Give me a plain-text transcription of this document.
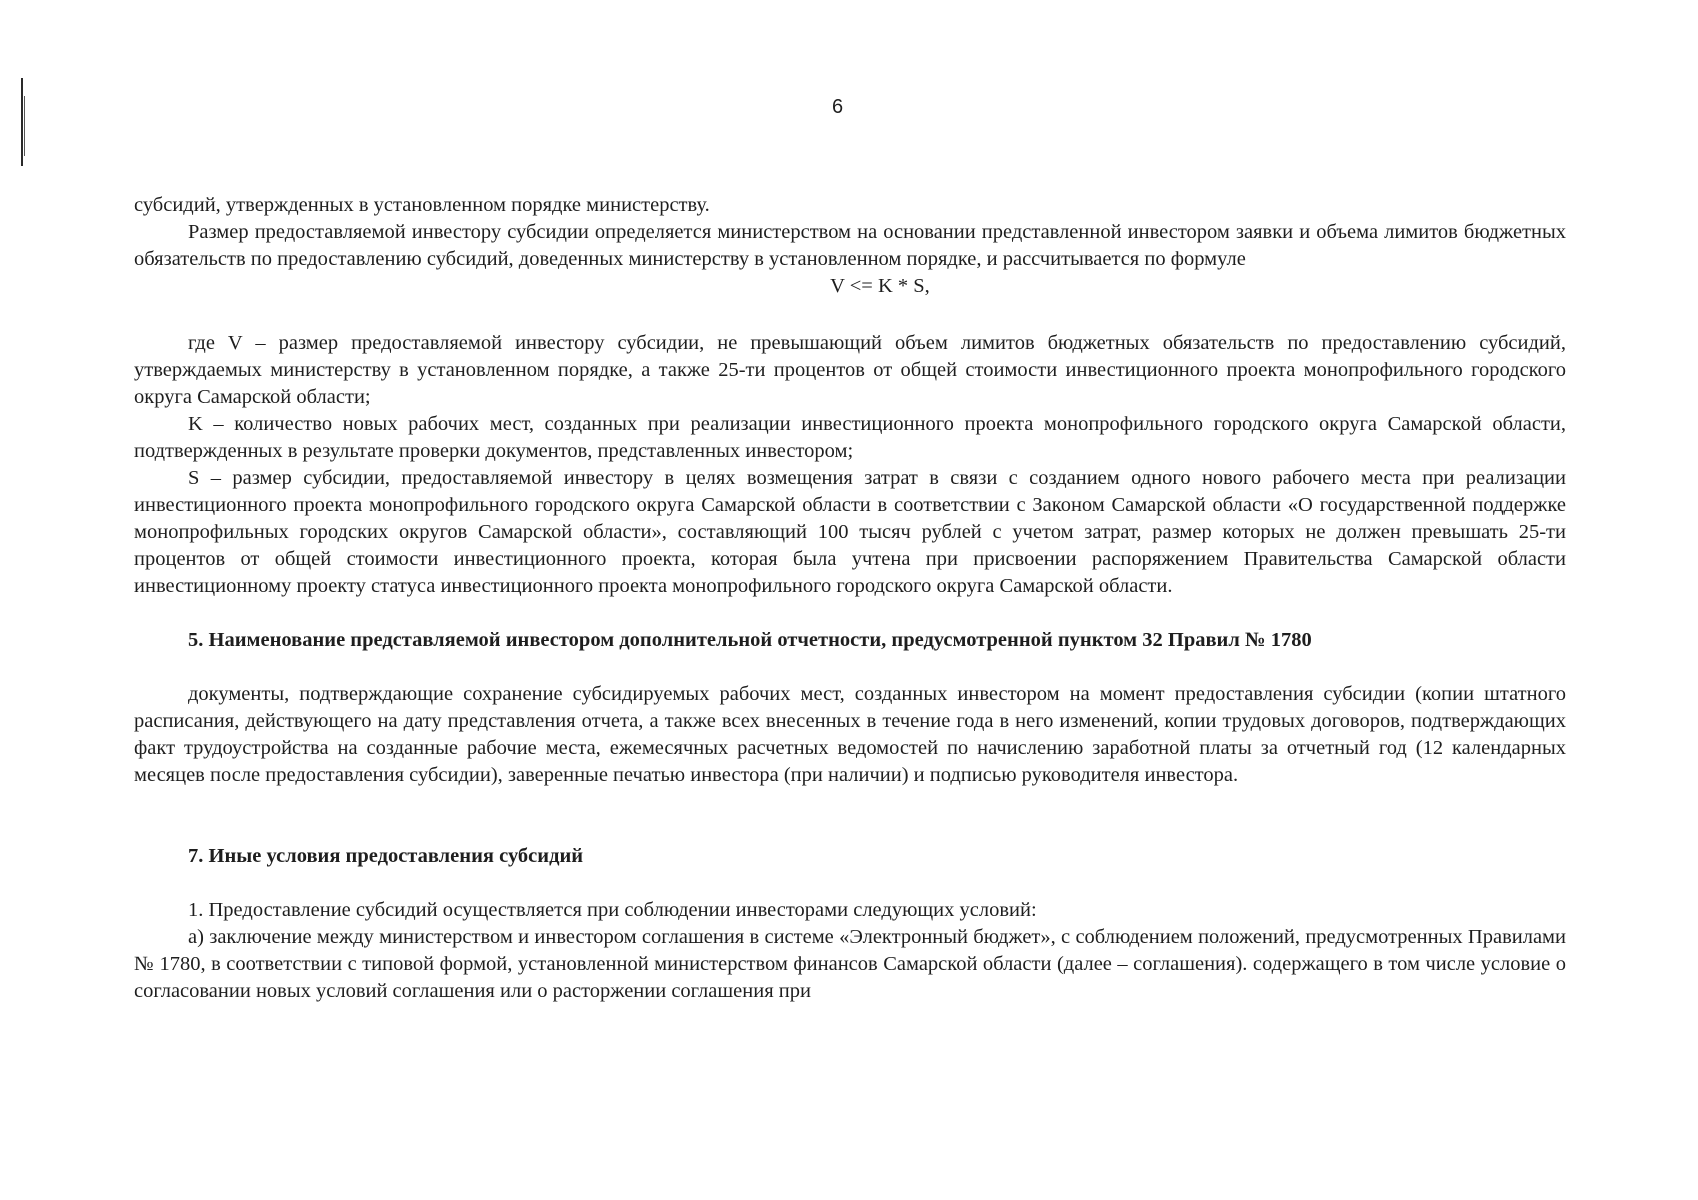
6

субсидий, утвержденных в установленном порядке министерству.

Размер предоставляемой инвестору субсидии определяется министерством на основании представленной инвестором заявки и объема лимитов бюджетных обязательств по предоставлению субсидий, доведенных министерству в установленном порядке, и рассчитывается по формуле

V <= K * S,

где V – размер предоставляемой инвестору субсидии, не превышающий объем лимитов бюджетных обязательств по предоставлению субсидий, утверждаемых министерству в установленном порядке, а также 25-ти процентов от общей стоимости инвестиционного проекта монопрофильного городского округа Самарской области;

K – количество новых рабочих мест, созданных при реализации инвестиционного проекта монопрофильного городского округа Самарской области, подтвержденных в результате проверки документов, представленных инвестором;

S – размер субсидии, предоставляемой инвестору в целях возмещения затрат в связи с созданием одного нового рабочего места при реализации инвестиционного проекта монопрофильного городского округа Самарской области в соответствии с Законом Самарской области «О государственной поддержке монопрофильных городских округов Самарской области», составляющий 100 тысяч рублей с учетом затрат, размер которых не должен превышать 25-ти процентов от общей стоимости инвестиционного проекта, которая была учтена при присвоении распоряжением Правительства Самарской области инвестиционному проекту статуса инвестиционного проекта монопрофильного городского округа Самарской области.

5. Наименование представляемой инвестором дополнительной отчетности, предусмотренной пунктом 32 Правил № 1780

документы, подтверждающие сохранение субсидируемых рабочих мест, созданных инвестором на момент предоставления субсидии (копии штатного расписания, действующего на дату представления отчета, а также всех внесенных в течение года в него изменений, копии трудовых договоров, подтверждающих факт трудоустройства на созданные рабочие места, ежемесячных расчетных ведомостей по начислению заработной платы за отчетный год (12 календарных месяцев после предоставления субсидии), заверенные печатью инвестора (при наличии) и подписью руководителя инвестора.

7. Иные условия предоставления субсидий

1. Предоставление субсидий осуществляется при соблюдении инвесторами следующих условий:

а) заключение между министерством и инвестором соглашения в системе «Электронный бюджет», с соблюдением положений, предусмотренных Правилами № 1780, в соответствии с типовой формой, установленной министерством финансов Самарской области (далее – соглашения). содержащего в том числе условие о согласовании новых условий соглашения или о расторжении соглашения при
